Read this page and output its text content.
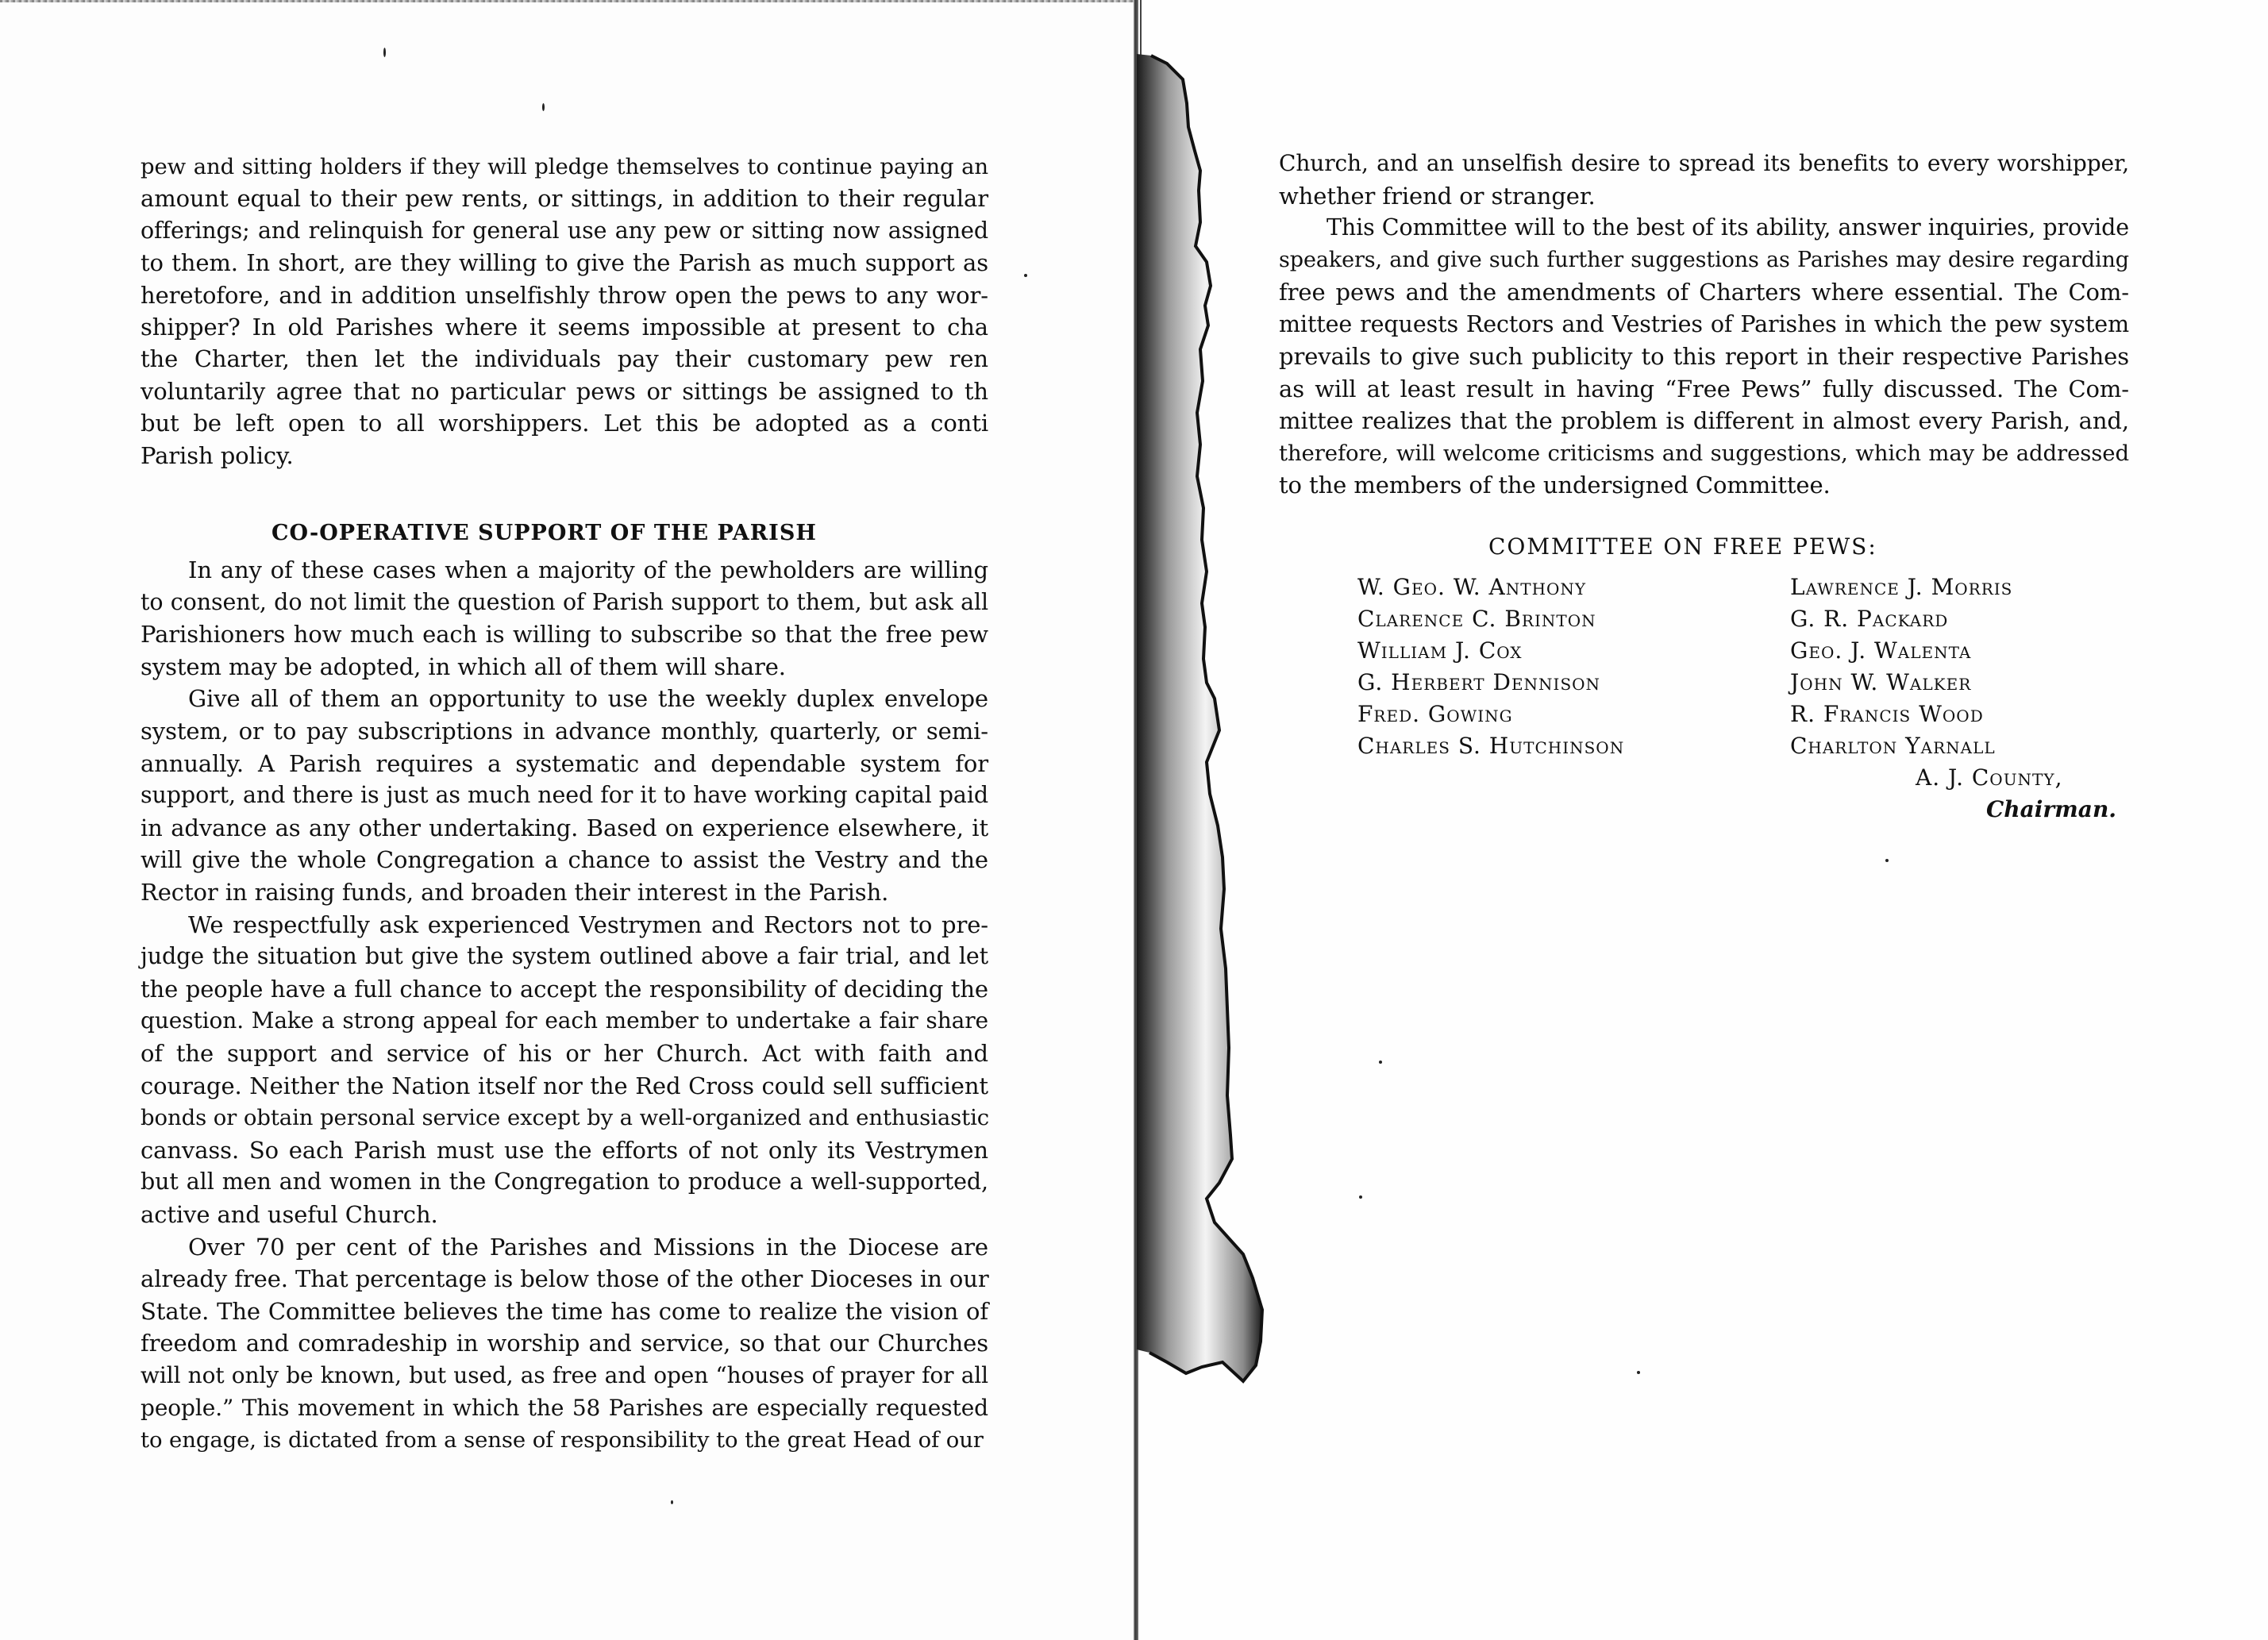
pew and sitting holders if they will pledge themselves to continue paying an
amount equal to their pew rents, or sittings, in addition to their regular
offerings; and relinquish for general use any pew or sitting now assigned
to them. In short, are they willing to give the Parish as much support as
heretofore, and in addition unselfishly throw open the pews to any wor-
shipper? In old Parishes where it seems impossible at present to cha
the Charter, then let the individuals pay their customary pew ren
voluntarily agree that no particular pews or sittings be assigned to th
but be left open to all worshippers. Let this be adopted as a conti
Parish policy.
CO-OPERATIVE SUPPORT OF THE PARISH
In any of these cases when a majority of the pewholders are willing
to consent, do not limit the question of Parish support to them, but ask all
Parishioners how much each is willing to subscribe so that the free pew
system may be adopted, in which all of them will share.
Give all of them an opportunity to use the weekly duplex envelope
system, or to pay subscriptions in advance monthly, quarterly, or semi-
annually. A Parish requires a systematic and dependable system for
support, and there is just as much need for it to have working capital paid
in advance as any other undertaking. Based on experience elsewhere, it
will give the whole Congregation a chance to assist the Vestry and the
Rector in raising funds, and broaden their interest in the Parish.
We respectfully ask experienced Vestrymen and Rectors not to pre-
judge the situation but give the system outlined above a fair trial, and let
the people have a full chance to accept the responsibility of deciding the
question. Make a strong appeal for each member to undertake a fair share
of the support and service of his or her Church. Act with faith and
courage. Neither the Nation itself nor the Red Cross could sell sufficient
bonds or obtain personal service except by a well-organized and enthusiastic
canvass. So each Parish must use the efforts of not only its Vestrymen
but all men and women in the Congregation to produce a well-supported,
active and useful Church.
Over 70 per cent of the Parishes and Missions in the Diocese are
already free. That percentage is below those of the other Dioceses in our
State. The Committee believes the time has come to realize the vision of
freedom and comradeship in worship and service, so that our Churches
will not only be known, but used, as free and open “houses of prayer for all
people.” This movement in which the 58 Parishes are especially requested
to engage, is dictated from a sense of responsibility to the great Head of our
Church, and an unselfish desire to spread its benefits to every worshipper,
whether friend or stranger.
This Committee will to the best of its ability, answer inquiries, provide
speakers, and give such further suggestions as Parishes may desire regarding
free pews and the amendments of Charters where essential. The Com-
mittee requests Rectors and Vestries of Parishes in which the pew system
prevails to give such publicity to this report in their respective Parishes
as will at least result in having “Free Pews” fully discussed. The Com-
mittee realizes that the problem is different in almost every Parish, and,
therefore, will welcome criticisms and suggestions, which may be addressed
to the members of the undersigned Committee.
COMMITTEE ON FREE PEWS:
W. Geo. W. Anthony
Clarence C. Brinton
William J. Cox
G. Herbert Dennison
Fred. Gowing
Charles S. Hutchinson
Lawrence J. Morris
G. R. Packard
Geo. J. Walenta
John W. Walker
R. Francis Wood
Charlton Yarnall
A. J. County,
Chairman.
